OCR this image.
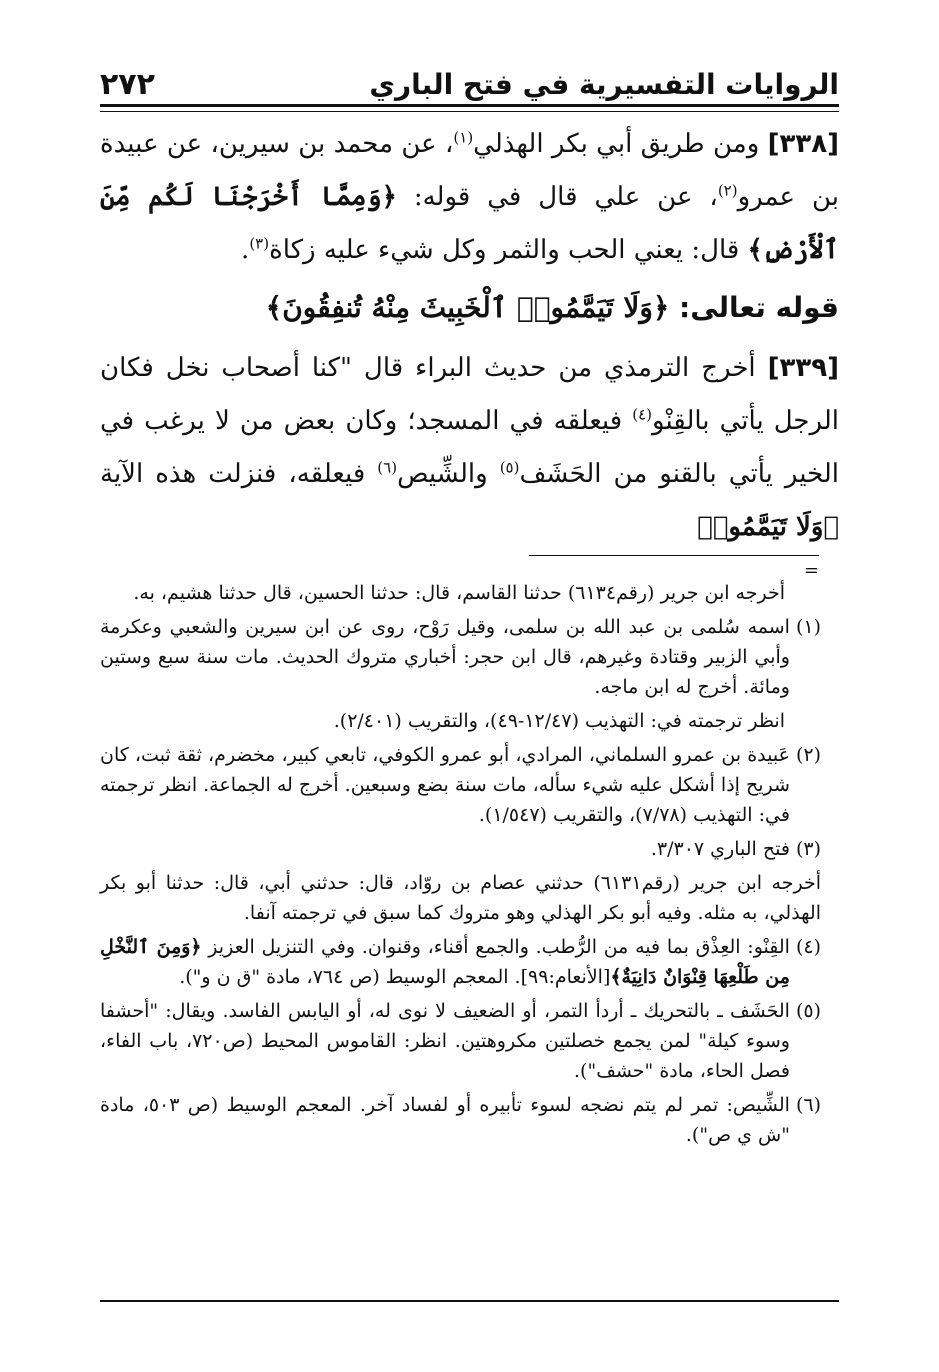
الروايات التفسيرية في فتح الباري
٢٧٢

[٣٣٨] ومن طريق أبي بكر الهذلي$^{(١)}$، عن محمد بن سيرين، عن عبيدة بن عمرو$^{(٢)}$، عن علي قال في قوله: ﴿وَمِمَّا أَخْرَجْنَا لَكُم مِّنَ ٱلْأَرْضِ﴾ قال: يعني الحب والثمر وكل شيء عليه زكاة$^{(٣)}$.

قوله تعالى: ﴿وَلَا تَيَمَّمُوا۟ ٱلْخَبِيثَ مِنْهُ تُنفِقُونَ﴾

[٣٣٩] أخرج الترمذي من حديث البراء قال "كنا أصحاب نخل فكان الرجل يأتي بالقِنْو$^{(٤)}$ فيعلقه في المسجد؛ وكان بعض من لا يرغب في الخير يأتي بالقنو من الحَشَف$^{(٥)}$ والشِّيص$^{(٦)}$ فيعلقه، فنزلت هذه الآية ﴿وَلَا تَيَمَّمُوا۟

=

أخرجه ابن جرير (رقم٦١٣٤) حدثنا القاسم، قال: حدثنا الحسين، قال حدثنا هشيم، به.

(١)
اسمه سُلمى بن عبد الله بن سلمى، وقيل رَوْح، روى عن ابن سيرين والشعبي وعكرمة وأبي الزبير وقتادة وغيرهم، قال ابن حجر: أخباري متروك الحديث. مات سنة سبع وستين ومائة. أخرج له ابن ماجه.

انظر ترجمته في: التهذيب (١٢/٤٧-٤٩)، والتقريب (٢/٤٠١).

(٢)
عَبيدة بن عمرو السلماني، المرادي، أبو عمرو الكوفي، تابعي كبير، مخضرم، ثقة ثبت، كان شريح إذا أشكل عليه شيء سأله، مات سنة بضع وسبعين. أخرج له الجماعة. انظر ترجمته في: التهذيب (٧/٧٨)، والتقريب (١/٥٤٧).
(٣)
فتح الباري ٣/٣٠٧.

أخرجه ابن جرير (رقم٦١٣١) حدثني عصام بن روّاد، قال: حدثني أبي، قال: حدثنا أبو بكر الهذلي، به مثله. وفيه أبو بكر الهذلي وهو متروك كما سبق في ترجمته آنفا.

(٤)
القِنْو: العِذْق بما فيه من الرُّطب. والجمع أقناء، وقنوان. وفي التنزيل العزيز ﴿وَمِنَ ٱلنَّخْلِ مِن طَلْعِهَا قِنْوَانٌ دَانِيَةٌ﴾[الأنعام:٩٩]. المعجم الوسيط (ص ٧٦٤، مادة "ق ن و").
(٥)
الحَشَف ـ بالتحريك ـ أردأ التمر، أو الضعيف لا نوى له، أو اليابس الفاسد. ويقال: "أحشفا وسوء كيلة" لمن يجمع خصلتين مكروهتين. انظر: القاموس المحيط (ص٧٢٠، باب الفاء، فصل الحاء، مادة "حشف").
(٦)
الشِّيص: تمر لم يتم نضجه لسوء تأبيره أو لفساد آخر. المعجم الوسيط (ص ٥٠٣، مادة "ش ي ص").
